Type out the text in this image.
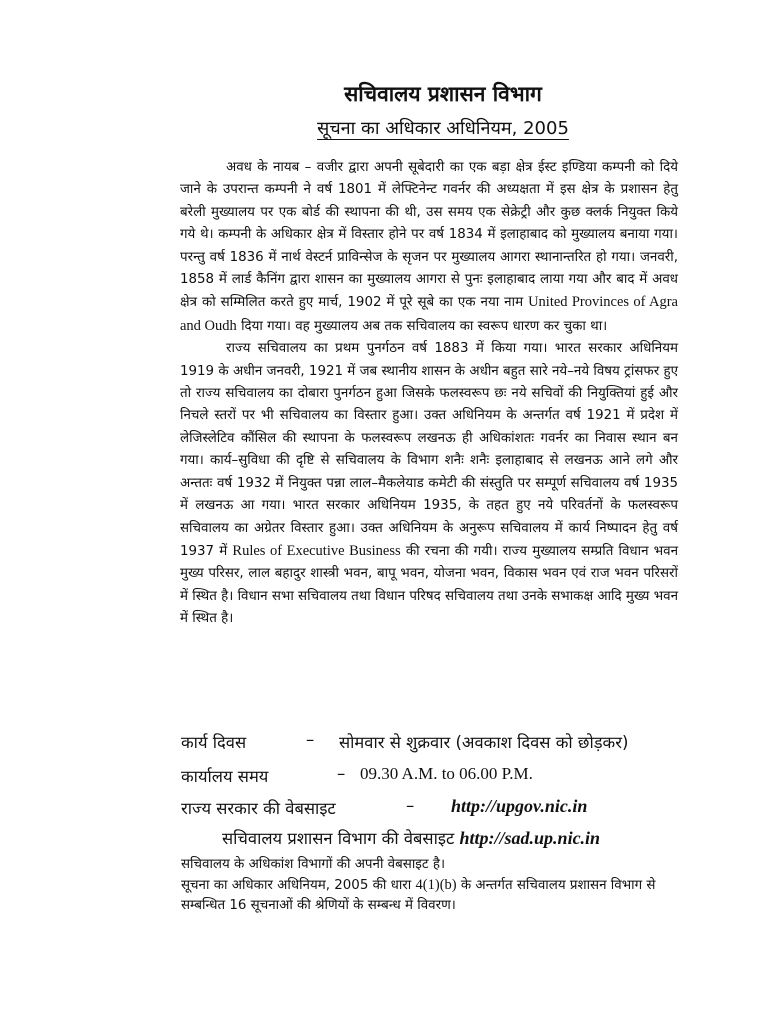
सचिवालय प्रशासन विभाग
सूचना का अधिकार अधिनियम, 2005

अवध के नायब – वजीर द्वारा अपनी सूबेदारी का एक बड़ा क्षेत्र ईस्ट इण्डिया कम्पनी को दिये जाने के उपरान्त कम्पनी ने वर्ष 1801 में लेफ्टिनेन्ट गवर्नर की अध्यक्षता में इस क्षेत्र के प्रशासन हेतु बरेली मुख्यालय पर एक बोर्ड की स्थापना की थी, उस समय एक सेक्रेट्री और कुछ क्लर्क नियुक्त किये गये थे। कम्पनी के अधिकार क्षेत्र में विस्तार होने पर वर्ष 1834 में इलाहाबाद को मुख्यालय बनाया गया। परन्तु वर्ष 1836 में नार्थ वेस्टर्न प्राविन्सेज के सृजन पर मुख्यालय आगरा स्थानान्तरित हो गया। जनवरी, 1858 में लार्ड कैनिंग द्वारा शासन का मुख्यालय आगरा से पुनः इलाहाबाद लाया गया और बाद में अवध क्षेत्र को सम्मिलित करते हुए मार्च, 1902 में पूरे सूबे का एक नया नाम United Provinces of Agra and Oudh दिया गया। वह मुख्यालय अब तक सचिवालय का स्वरूप धारण कर चुका था।

राज्य सचिवालय का प्रथम पुनर्गठन वर्ष 1883 में किया गया। भारत सरकार अधिनियम 1919 के अधीन जनवरी, 1921 में जब स्थानीय शासन के अधीन बहुत सारे नये–नये विषय ट्रांसफर हुए तो राज्य सचिवालय का दोबारा पुनर्गठन हुआ जिसके फलस्वरूप छः नये सचिवों की नियुक्तियां हुई और निचले स्तरों पर भी सचिवालय का विस्तार हुआ। उक्त अधिनियम के अन्तर्गत वर्ष 1921 में प्रदेश में लेजिस्लेटिव कौंसिल की स्थापना के फलस्वरूप लखनऊ ही अधिकांशतः गवर्नर का निवास स्थान बन गया। कार्य–सुविधा की दृष्टि से सचिवालय के विभाग शनैः शनैः इलाहाबाद से लखनऊ आने लगे और अन्ततः वर्ष 1932 में नियुक्त पन्ना लाल–मैकलेयाड कमेटी की संस्तुति पर सम्पूर्ण सचिवालय वर्ष 1935 में लखनऊ आ गया। भारत सरकार अधिनियम 1935, के तहत हुए नये परिवर्तनों के फलस्वरूप सचिवालय का अग्रेतर विस्तार हुआ। उक्त अधिनियम के अनुरूप सचिवालय में कार्य निष्पादन हेतु वर्ष 1937 में Rules of Executive Business की रचना की गयी। राज्य मुख्यालय सम्प्रति विधान भवन मुख्य परिसर, लाल बहादुर शास्त्री भवन, बापू भवन, योजना भवन, विकास भवन एवं राज भवन परिसरों में स्थित है। विधान सभा सचिवालय तथा विधान परिषद सचिवालय तथा उनके सभाकक्ष आदि मुख्य भवन में स्थित है।

कार्य दिवस	– सोमवार से शुक्रवार (अवकाश दिवस को छोड़कर)
कार्यालय समय	– 09.30 A.M. to 06.00 P.M.
राज्य सरकार की वेबसाइट	– http://upgov.nic.in
सचिवालय प्रशासन विभाग की वेबसाइट http://sad.up.nic.in

सचिवालय के अधिकांश विभागों की अपनी वेबसाइट है।

सूचना का अधिकार अधिनियम, 2005 की धारा 4(1)(b) के अन्तर्गत सचिवालय प्रशासन विभाग से सम्बन्धित 16 सूचनाओं की श्रेणियों के सम्बन्ध में विवरण।
